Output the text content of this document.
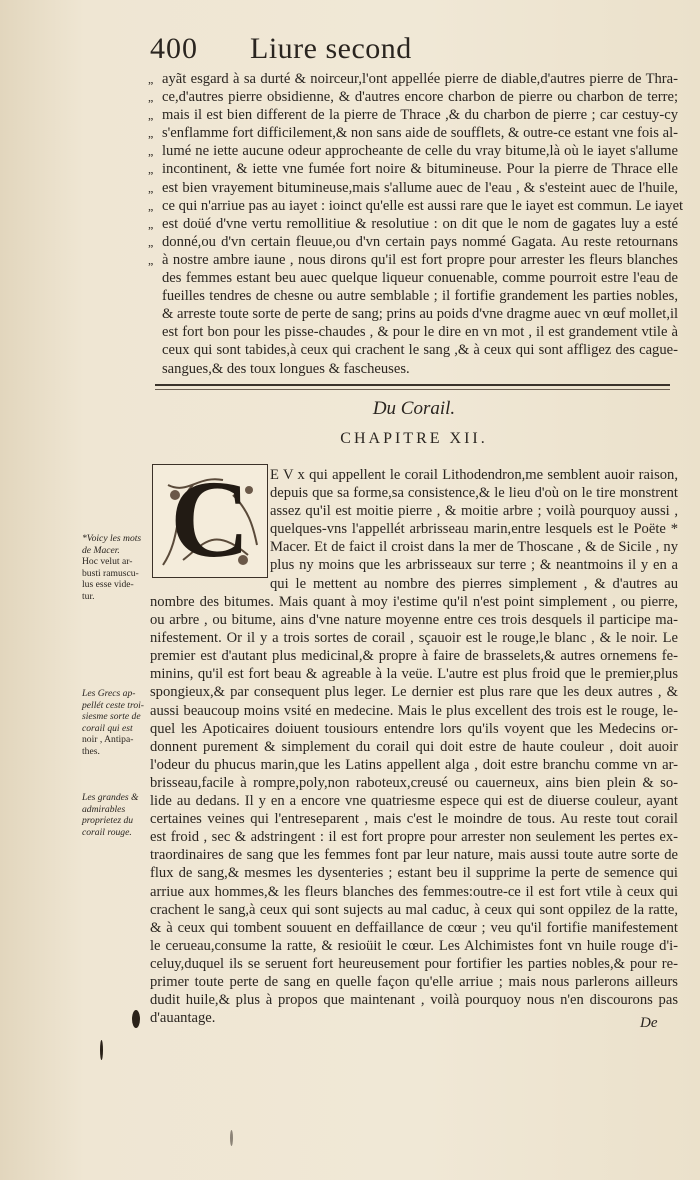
400 Liure second
„ ayãt esgard à sa durté & noirceur,l'ont appellée pierre de diable,d'autres pierre de Thra-
„ ce,d'autres pierre obsidienne, & d'autres encore charbon de pierre ou charbon de terre;
„ mais il est bien different de la pierre de Thrace ,& du charbon de pierre ; car cestuy-cy
„ s'enflamme fort difficilement,& non sans aide de soufflets, & outre-ce estant vne fois al-
„ lumé ne iette aucune odeur approcheante de celle du vray bitume,là où le iayet s'allume
„ incontinent, & iette vne fumée fort noire & bitumineuse. Pour la pierre de Thrace elle
„ est bien vrayement bitumineuse,mais s'allume auec de l'eau , & s'esteint auec de l'huile,
„ ce qui n'arriue pas au iayet : ioinct qu'elle est aussi rare que le iayet est commun. Le iayet
„ est doüé d'vne vertu remollitiue & resolutiue : on dit que le nom de gagates luy a esté
„ donné,ou d'vn certain fleuue,ou d'vn certain pays nommé Gagata. Au reste retournans
„ à nostre ambre iaune , nous dirons qu'il est fort propre pour arrester les fleurs blanches
des femmes estant beu auec quelque liqueur conuenable, comme pourroit estre l'eau de
fueilles tendres de chesne ou autre semblable ; il fortifie grandement les parties nobles,
& arreste toute sorte de perte de sang; prins au poids d'vne dragme auec vn œuf mollet,il
est fort bon pour les pisse-chaudes , & pour le dire en vn mot , il est grandement vtile à
ceux qui sont tabides,à ceux qui crachent le sang ,& à ceux qui sont affligez des cague-
sangues,& des toux longues & fascheuses.
Du Corail.
CHAPITRE XII.
C	E V x qui appellent le corail Lithodendron,me semblent auoir raison,
depuis que sa forme,sa consistence,& le lieu d'où on le tire monstrent
assez qu'il est moitie pierre , & moitie arbre ; voilà pourquoy aussi ,
quelques-vns l'appellét arbrisseau marin,entre lesquels est le Poëte *
Macer. Et de faict il croist dans la mer de Thoscane , & de Sicile , ny
plus ny moins que les arbrisseaux sur terre ; & neantmoins il y en a
qui le mettent au nombre des pierres simplement , & d'autres au
nombre des bitumes. Mais quant à moy i'estime qu'il n'est point simplement , ou pierre,
ou arbre , ou bitume, ains d'vne nature moyenne entre ces trois desquels il participe ma-
nifestement. Or il y a trois sortes de corail , sçauoir est le rouge,le blanc , & le noir. Le
premier est d'autant plus medicinal,& propre à faire de brasselets,& autres ornemens fe-
minins, qu'il est fort beau & agreable à la veüe. L'autre est plus froid que le premier,plus
spongieux,& par consequent plus leger. Le dernier est plus rare que les deux autres , &
aussi beaucoup moins vsité en medecine. Mais le plus excellent des trois est le rouge, le-
quel les Apoticaires doiuent tousiours entendre lors qu'ils voyent que les Medecins or-
donnent purement & simplement du corail qui doit estre de haute couleur , doit auoir
l'odeur du phucus marin,que les Latins appellent alga , doit estre branchu comme vn ar-
brisseau,facile à rompre,poly,non raboteux,creusé ou cauerneux, ains bien plein & so-
lide au dedans. Il y en a encore vne quatriesme espece qui est de diuerse couleur, ayant
certaines veines qui l'entreseparent , mais c'est le moindre de tous. Au reste tout corail
est froid , sec & adstringent : il est fort propre pour arrester non seulement les pertes ex-
traordinaires de sang que les femmes font par leur nature, mais aussi toute autre sorte de
flux de sang,& mesmes les dysenteries ; estant beu il supprime la perte de semence qui
arriue aux hommes,& les fleurs blanches des femmes:outre-ce il est fort vtile à ceux qui
crachent le sang,à ceux qui sont sujects au mal caduc, à ceux qui sont oppilez de la ratte,
& à ceux qui tombent souuent en deffaillance de cœur ; veu qu'il fortifie manifestement
le cerueau,consume la ratte, & resioüit le cœur. Les Alchimistes font vn huile rouge d'i-
celuy,duquel ils se seruent fort heureusement pour fortifier les parties nobles,& pour re-
primer toute perte de sang en quelle façon qu'elle arriue ; mais nous parlerons ailleurs
dudit huile,& plus à propos que maintenant , voilà pourquoy nous n'en discourons pas
d'auantage.
*Voicy les mots
de Macer.
Hoc velut ar-
busti ramuscu-
lus esse vide-
tur.
Les Grecs ap-
pellét ceste troi-
siesme sorte de
corail qui est
noir , Antipa-
thes.
Les grandes &
admirables
proprietez du
corail rouge.
De
